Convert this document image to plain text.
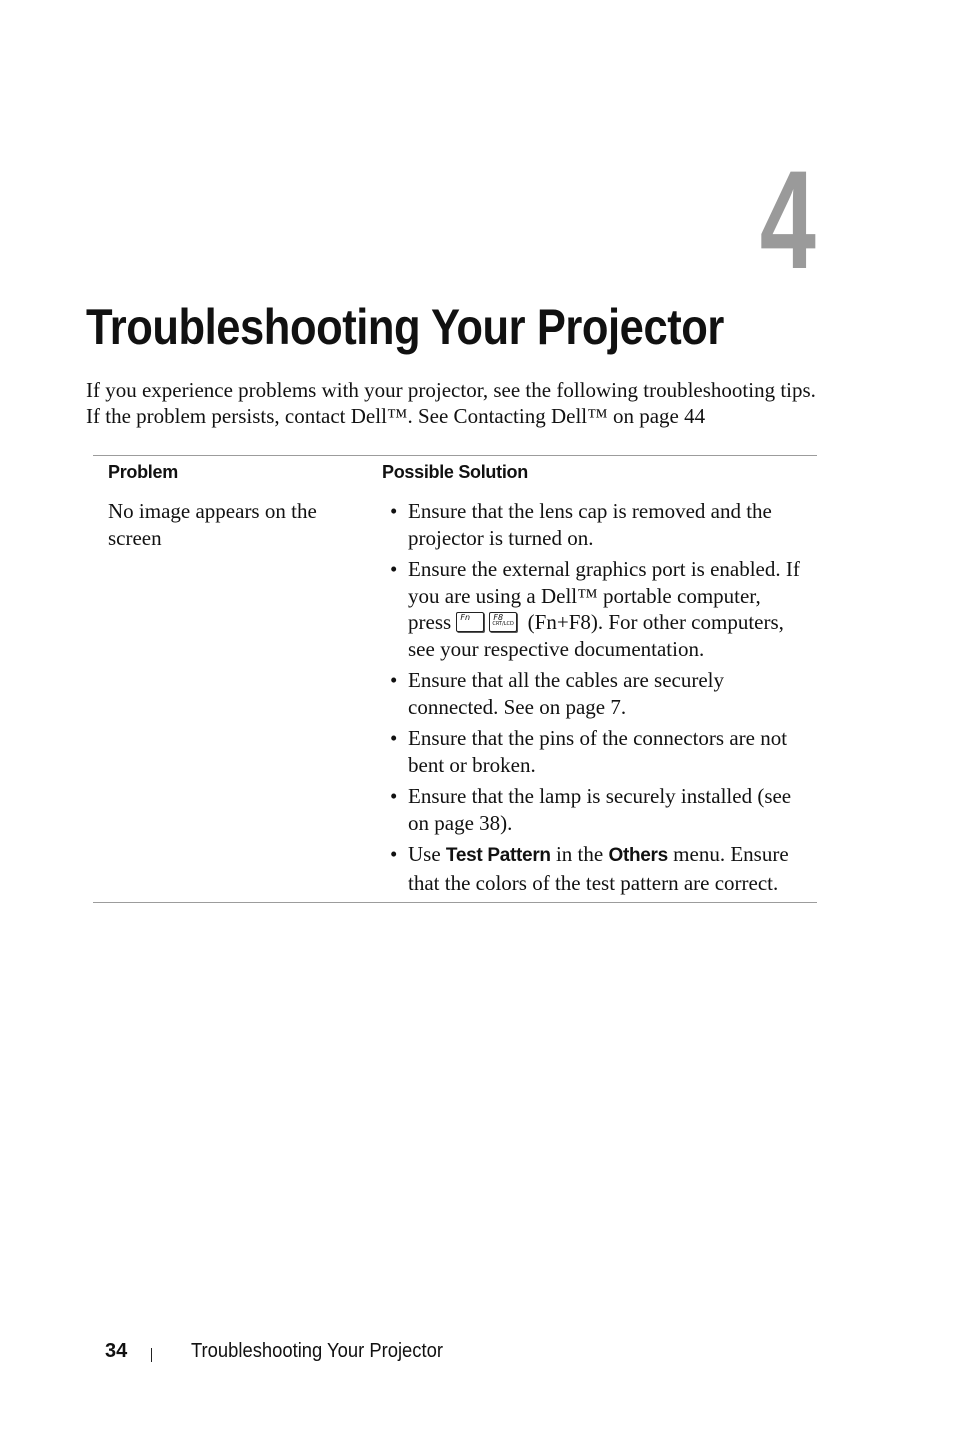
4
Troubleshooting Your Projector

If you experience problems with your projector, see the following troubleshooting tips. If the problem persists, contact Dell™. See Contacting Dell™ on page 44

Problem	Possible Solution
No image appears on the screen
• Ensure that the lens cap is removed and the projector is turned on.
• Ensure the external graphics port is enabled. If you are using a Dell™ portable computer, press Fn	F8
CRT/LCD (Fn+F8). For other computers, see your respective documentation.
• Ensure that all the cables are securely connected. See on page 7.
• Ensure that the pins of the connectors are not bent or broken.
• Ensure that the lamp is securely installed (see on page 38).
• Use Test Pattern in the Others menu. Ensure that the colors of the test pattern are correct.
34	Troubleshooting Your Projector
